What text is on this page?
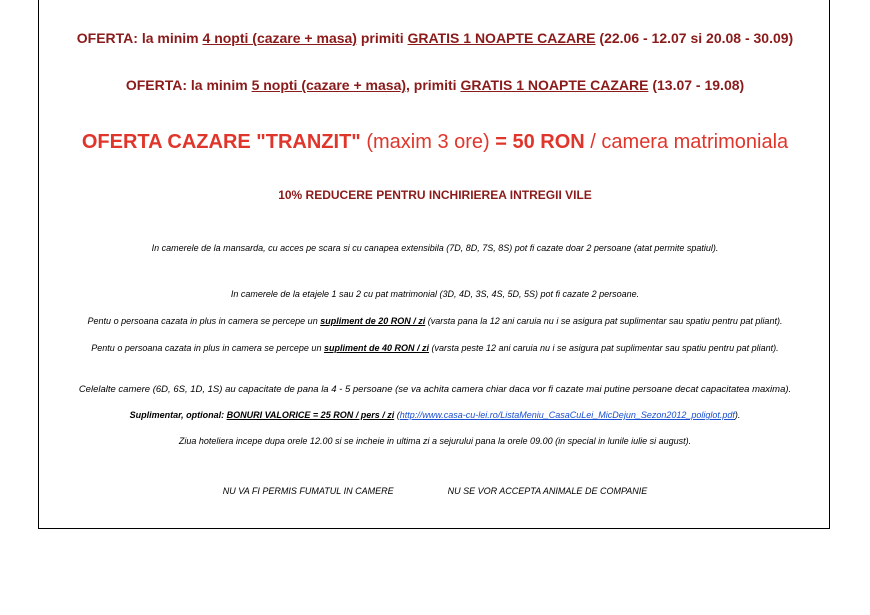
OFERTA: la minim 4 nopti (cazare + masa) primiti GRATIS 1 NOAPTE CAZARE (22.06 - 12.07 si 20.08 - 30.09)
OFERTA: la minim 5 nopti (cazare + masa), primiti GRATIS 1 NOAPTE CAZARE (13.07 - 19.08)
OFERTA CAZARE "TRANZIT" (maxim 3 ore) = 50 RON / camera matrimoniala
10% REDUCERE PENTRU INCHIRIEREA INTREGII VILE
In camerele de la mansarda, cu acces pe scara si cu canapea extensibila (7D, 8D, 7S, 8S) pot fi cazate doar 2 persoane (atat permite spatiul).
In camerele de la etajele 1 sau 2 cu pat matrimonial (3D, 4D, 3S, 4S, 5D, 5S) pot fi cazate 2 persoane.
Pentu o persoana cazata in plus in camera se percepe un supliment de 20 RON / zi (varsta pana la 12 ani caruia nu i se asigura pat suplimentar sau spatiu pentru pat pliant).
Pentu o persoana cazata in plus in camera se percepe un supliment de 40 RON / zi (varsta peste 12 ani caruia nu i se asigura pat suplimentar sau spatiu pentru pat pliant).
Celelalte camere (6D, 6S, 1D, 1S) au capacitate de pana la 4 - 5 persoane (se va achita camera chiar daca vor fi cazate mai putine persoane decat capacitatea maxima).
Suplimentar, optional: BONURI VALORICE = 25 RON / pers / zi (http://www.casa-cu-lei.ro/ListaMeniu_CasaCuLei_MicDejun_Sezon2012_poliglot.pdf).
Ziua hoteliera incepe dupa orele 12.00 si se incheie in ultima zi a sejurului pana la orele 09.00 (in special in lunile iulie si august).
NU VA FI PERMIS FUMATUL IN CAMERE	NU SE VOR ACCEPTA ANIMALE DE COMPANIE
